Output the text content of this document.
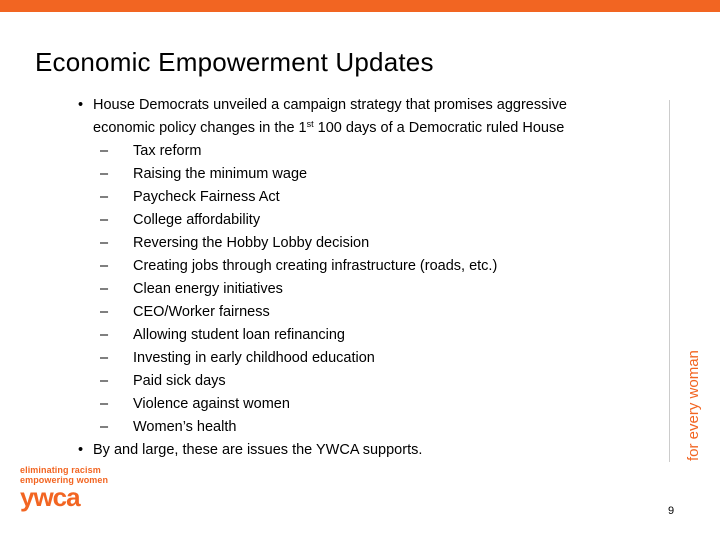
Economic Empowerment Updates
• House Democrats unveiled a campaign strategy that promises aggressive
economic policy changes in the 1st 100 days of a Democratic ruled House
– Tax reform
– Raising the minimum wage
– Paycheck Fairness Act
– College affordability
– Reversing the Hobby Lobby decision
– Creating jobs through creating infrastructure (roads, etc.)
– Clean energy initiatives
– CEO/Worker fairness
– Allowing student loan refinancing
– Investing in early childhood education
– Paid sick days
– Violence against women
– Women’s health
• By and large, these are issues the YWCA supports.	for every woman
eliminating racism
empowering women
ywca	9
